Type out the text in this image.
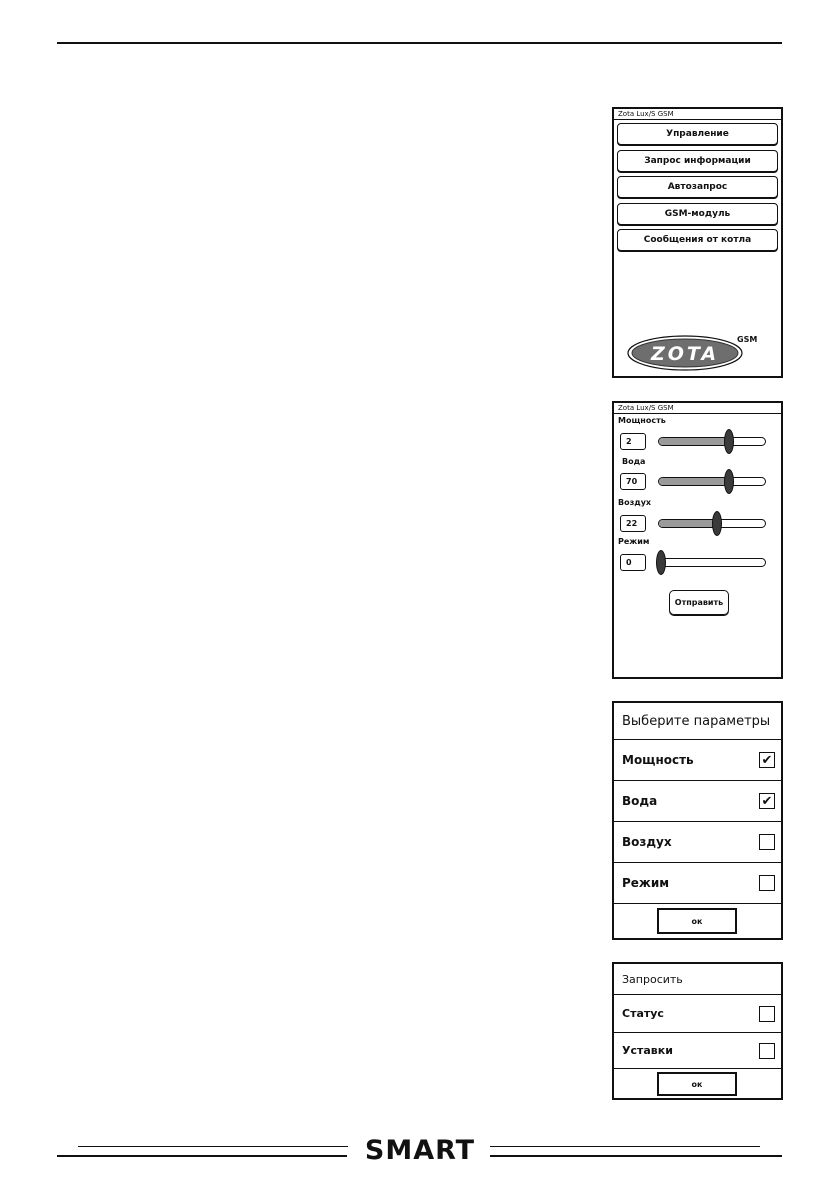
Zota Lux/S GSM
Управление
Запрос информации
Автозапрос
GSM-модуль
Сообщения от котла
ZOTA
GSM
Zota Lux/S GSM
Мощность
2
Вода
70
Воздух
22
Режим
0
Отправить
Выберите параметры
Мощность	✔
Вода	✔
Воздух
Режим
ок
Запросить
Статус
Уставки
ок
SMART
